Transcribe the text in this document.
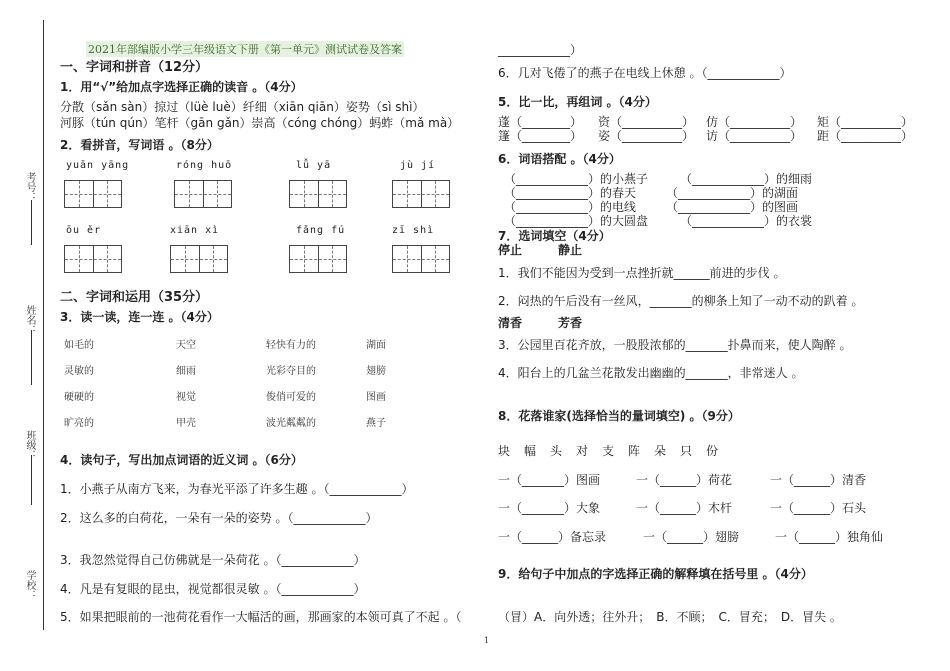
考号：
姓名：
班级：
学校：
2021年部编版小学三年级语文下册《第一单元》测试试卷及答案
一、字词和拼音（12分）
1．用“√”给加点字选择正确的读音 。（4分）
分散（sǎn sàn）掠过（lüè luè）纤细（xiān qiān）姿势（sì shì）
河豚（tún qún）笔杆（gān gǎn）崇高（cóng chóng）蚂蚱（mǎ mà）
2．看拼音，写词语 。（8分）
yuān yāng	róng huō	lǚ yā	jù jí
ōu ěr	xiān xì	fǎng fú	zī shì
二、字词和运用（35分）
3．读一读，连一连 。（4分）
如毛的	天空	轻快有力的	湖面
灵敏的	细雨	光彩夺目的	翅膀
硬硬的	视觉	俊俏可爱的	图画
旷亮的	甲壳	波光粼粼的	燕子
4．读句子，写出加点词语的近义词 。（6分）
1．小燕子从南方飞来，为春光平添了许多生趣 。（____________）
2．这么多的白荷花，一朵有一朵的姿势 。（____________）
3．我忽然觉得自己仿佛就是一朵荷花 。（____________）
4．凡是有复眼的昆虫，视觉都很灵敏 。（____________）
5．如果把眼前的一池荷花看作一大幅活的画，那画家的本领可真了不起 。（
____________）
6．几对飞倦了的燕子在电线上休憩 。（____________）
5．比一比，再组词 。（4分）
蓬（________） 资（__________） 仿（__________） 矩（__________）
篷（________） 姿（__________） 访（__________） 距（__________）
6．词语搭配 。（4分）
（____________）的小燕子	（____________）的细雨
（____________）的春天 （____________）的湖面
（____________）的电线 （____________）的图画
（____________）的大圆盘	（____________）的衣裳
7．选词填空（4分）
停止　　　静止
1．我们不能因为受到一点挫折就______前进的步伐 。
2．闷热的午后没有一丝风，_______的柳条上知了一动不动的趴着 。
清香　　　芳香
3．公园里百花齐放，一股股浓郁的_______扑鼻而来，使人陶醉 。
4．阳台上的几盆兰花散发出幽幽的_______，非常迷人 。
8．花落谁家(选择恰当的量词填空) 。（9分）
块　幅　头　对　支　阵　朵　只　份
一（_______）图画	一（______）荷花	一（______）清香
一（_______）大象	一（______）木杆	一（______）石头
一（______）备忘录	一（______）翅膀	一（______）独角仙
9．给句子中加点的字选择正确的解释填在括号里 。（4分）
（冒）A．向外透；往外升；　B．不顾；　C．冒充；　D．冒失 。
1
